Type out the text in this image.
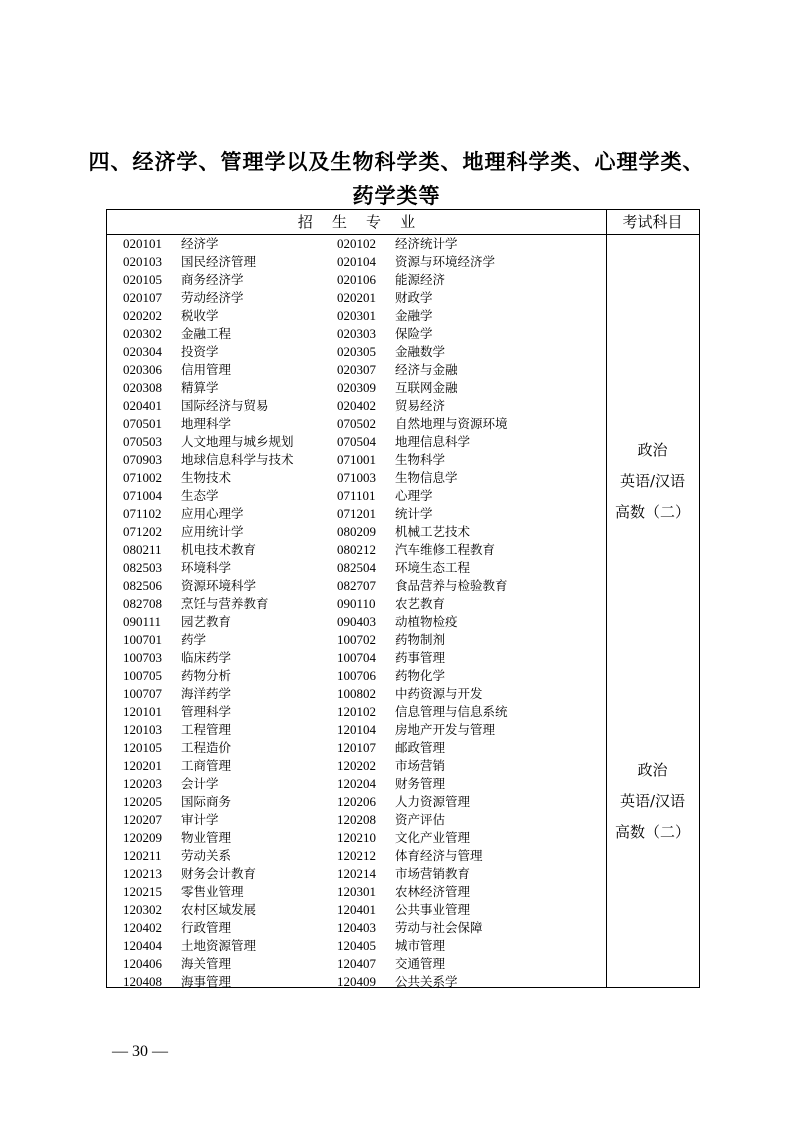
四、经济学、管理学以及生物科学类、地理科学类、心理学类、
药学类等
招    生    专    业	考试科目
020101 经济学	020102 经济统计学
020103 国民经济管理	020104 资源与环境经济学
020105 商务经济学	020106 能源经济
020107 劳动经济学	020201 财政学
020202 税收学	020301 金融学
020302 金融工程	020303 保险学
020304 投资学	020305 金融数学
020306 信用管理	020307 经济与金融
020308 精算学	020309 互联网金融
020401 国际经济与贸易	020402 贸易经济
070501 地理科学	070502 自然地理与资源环境
070503 人文地理与城乡规划	070504 地理信息科学
070903 地球信息科学与技术	071001 生物科学
071002 生物技术	071003 生物信息学
071004 生态学	071101 心理学
071102 应用心理学	071201 统计学
071202 应用统计学	080209 机械工艺技术
080211 机电技术教育	080212 汽车维修工程教育
082503 环境科学	082504 环境生态工程
082506 资源环境科学	082707 食品营养与检验教育
082708 烹饪与营养教育	090110 农艺教育
090111 园艺教育	090403 动植物检疫
100701 药学	100702 药物制剂
100703 临床药学	100704 药事管理
100705 药物分析	100706 药物化学
100707 海洋药学	100802 中药资源与开发
120101 管理科学	120102 信息管理与信息系统
120103 工程管理	120104 房地产开发与管理
120105 工程造价	120107 邮政管理
120201 工商管理	120202 市场营销
120203 会计学	120204 财务管理
120205 国际商务	120206 人力资源管理
120207 审计学	120208 资产评估
120209 物业管理	120210 文化产业管理
120211 劳动关系	120212 体育经济与管理
120213 财务会计教育	120214 市场营销教育
120215 零售业管理	120301 农林经济管理
120302 农村区域发展	120401 公共事业管理
120402 行政管理	120403 劳动与社会保障
120404 土地资源管理	120405 城市管理
120406 海关管理	120407 交通管理
120408 海事管理	120409 公共关系学
政治
英语/汉语
高数（二）
政治
英语/汉语
高数（二）
— 30 —
